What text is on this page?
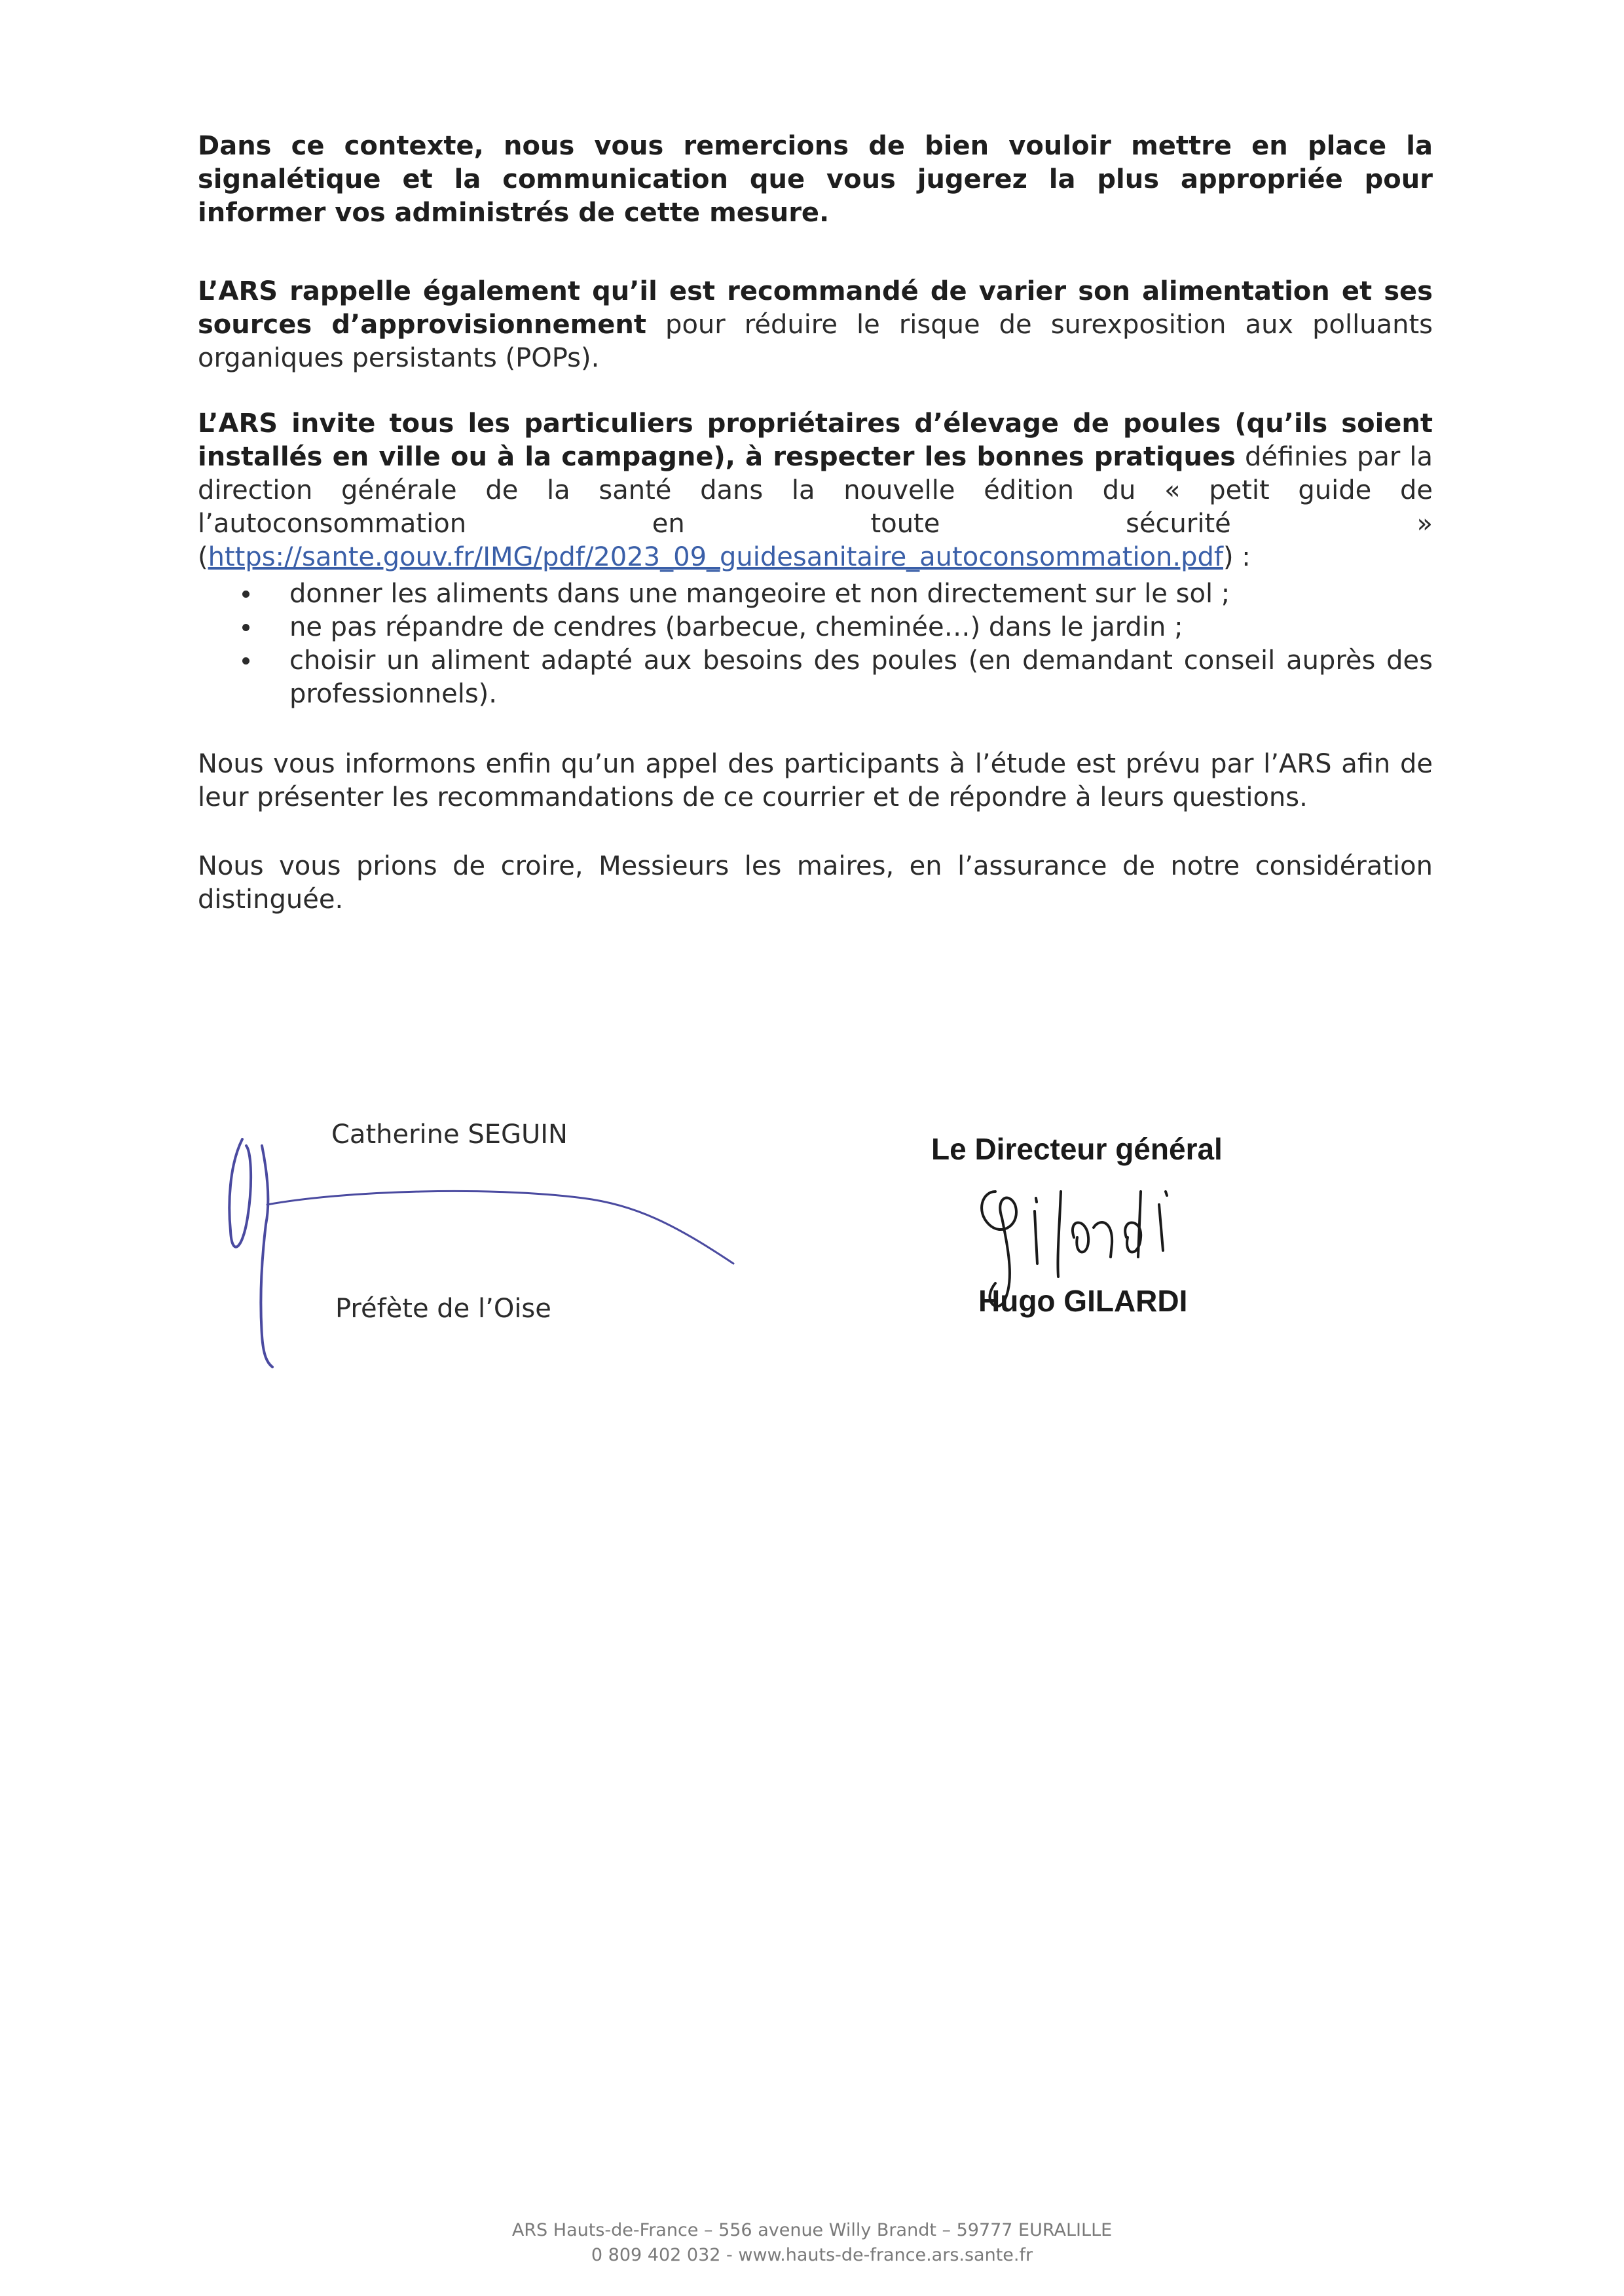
Dans ce contexte, nous vous remercions de bien vouloir mettre en place la signalétique et la communication que vous jugerez la plus appropriée pour informer vos administrés de cette mesure.

L’ARS rappelle également qu’il est recommandé de varier son alimentation et ses sources d’approvisionnement pour réduire le risque de surexposition aux polluants organiques persistants (POPs).

L’ARS invite tous les particuliers propriétaires d’élevage de poules (qu’ils soient installés en ville ou à la campagne), à respecter les bonnes pratiques définies par la direction générale de la santé dans la nouvelle édition du « petit guide de l’autoconsommation en toute sécurité » (https://sante.gouv.fr/IMG/pdf/2023_09_guidesanitaire_autoconsommation.pdf) :

donner les aliments dans une mangeoire et non directement sur le sol ;
ne pas répandre de cendres (barbecue, cheminée…) dans le jardin ;
choisir un aliment adapté aux besoins des poules (en demandant conseil auprès des professionnels).

Nous vous informons enfin qu’un appel des participants à l’étude est prévu par l’ARS afin de leur présenter les recommandations de ce courrier et de répondre à leurs questions.

Nous vous prions de croire, Messieurs les maires, en l’assurance de notre considération distinguée.

Catherine SEGUIN
Préfète de l’Oise
Le Directeur général
Hugo GILARDI
ARS Hauts-de-France – 556 avenue Willy Brandt – 59777 EURALILLE
0 809 402 032 - www.hauts-de-france.ars.sante.fr
